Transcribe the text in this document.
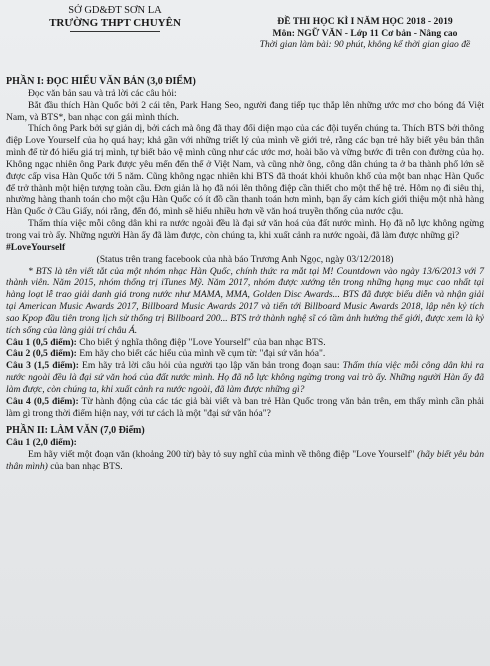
SỞ GD&ĐT SƠN LA
TRƯỜNG THPT CHUYÊN	ĐỀ THI HỌC KÌ I NĂM HỌC 2018 - 2019
Môn: NGỮ VĂN - Lớp 11 Cơ bản - Nâng cao
Thời gian làm bài: 90 phút, không kể thời gian giao đề

PHẦN I: ĐỌC HIỂU VĂN BẢN (3,0 ĐIỂM)

Đọc văn bản sau và trả lời các câu hỏi:

Bắt đầu thích Hàn Quốc bởi 2 cái tên, Park Hang Seo, người đang tiếp tục thắp lên những ước mơ cho bóng đá Việt Nam, và BTS*, ban nhạc con gái mình thích.

Thích ông Park bởi sự giản dị, bởi cách mà ông đã thay đổi diện mạo của các đội tuyển chúng ta. Thích BTS bởi thông điệp Love Yourself của họ quá hay; khả gần với những triết lý của mình về giới trẻ, rằng các bạn trẻ hãy biết yêu bản thân mình để từ đó hiểu giá trị mình, tự biết bảo vệ mình cũng như các ước mơ, hoài bão và vững bước đi trên con đường của họ. Không ngạc nhiên ông Park được yêu mến đến thế ở Việt Nam, và cũng nhờ ông, công dân chúng ta ở ba thành phố lớn sẽ được cấp visa Hàn Quốc tới 5 năm. Cũng không ngạc nhiên khi BTS đã thoát khỏi khuôn khổ của một ban nhạc Hàn Quốc để trở thành một hiện tượng toàn cầu. Đơn giản là họ đã nói lên thông điệp cần thiết cho một thế hệ trẻ. Hôm nọ đi siêu thị, nhường hàng thanh toán cho một cậu Hàn Quốc có ít đồ cần thanh toán hơn mình, bạn ấy cảm kích giới thiệu một nhà hàng Hàn Quốc ở Cầu Giấy, nói rằng, đến đó, mình sẽ hiểu nhiều hơn về văn hoá truyền thống của nước cậu.

Thẩm thía việc mỗi công dân khi ra nước ngoài đều là đại sứ văn hoá của đất nước mình. Họ đã nỗ lực không ngừng trong vai trò ấy. Những người Hàn ấy đã làm được, còn chúng ta, khi xuất cảnh ra nước ngoài, đã làm được những gì?

#LoveYourself

(Status trên trang facebook của nhà báo Trương Anh Ngọc, ngày 03/12/2018)

* BTS là tên viết tắt của một nhóm nhạc Hàn Quốc, chính thức ra mắt tại M! Countdown vào ngày 13/6/2013 với 7 thành viên. Năm 2015, nhóm thống trị iTunes Mỹ. Năm 2017, nhóm được xướng tên trong những hạng mục cao nhất tại hàng loạt lễ trao giải danh giá trong nước như MAMA, MMA, Golden Disc Awards... BTS đã được biểu diễn và nhận giải tại American Music Awards 2017, Billboard Music Awards 2017 và tiến tới Billboard Music Awards 2018, lập nên kỷ tích sao Kpop đầu tiên trong lịch sử thống trị Billboard 200... BTS trở thành nghệ sĩ có tầm ảnh hưởng thế giới, được xem là kỷ tích sống của làng giải trí châu Á.

Câu 1 (0,5 điểm): Cho biết ý nghĩa thông điệp "Love Yourself" của ban nhạc BTS.

Câu 2 (0,5 điểm): Em hãy cho biết các hiểu của mình về cụm từ: "đại sứ văn hóa".

Câu 3 (1,5 điểm): Em hãy trả lời câu hỏi của người tạo lập văn bản trong đoạn sau: Thấm thía việc mỗi công dân khi ra nước ngoài đều là đại sứ văn hoá của đất nước mình. Họ đã nỗ lực không ngừng trong vai trò ấy. Những người Hàn ấy đã làm được, còn chúng ta, khi xuất cảnh ra nước ngoài, đã làm được những gì?

Câu 4 (0,5 điểm): Từ hành động của các tác giả bài viết và ban trẻ Hàn Quốc trong văn bản trên, em thấy mình cần phải làm gì trong thời điểm hiện nay, với tư cách là một "đại sứ văn hóa"?

PHẦN II: LÀM VĂN (7,0 Điểm)

Câu 1 (2,0 điểm):

Em hãy viết một đoạn văn (khoảng 200 từ) bày tỏ suy nghĩ của mình về thông điệp "Love Yourself" (hãy biết yêu bản thân mình) của ban nhạc BTS.
